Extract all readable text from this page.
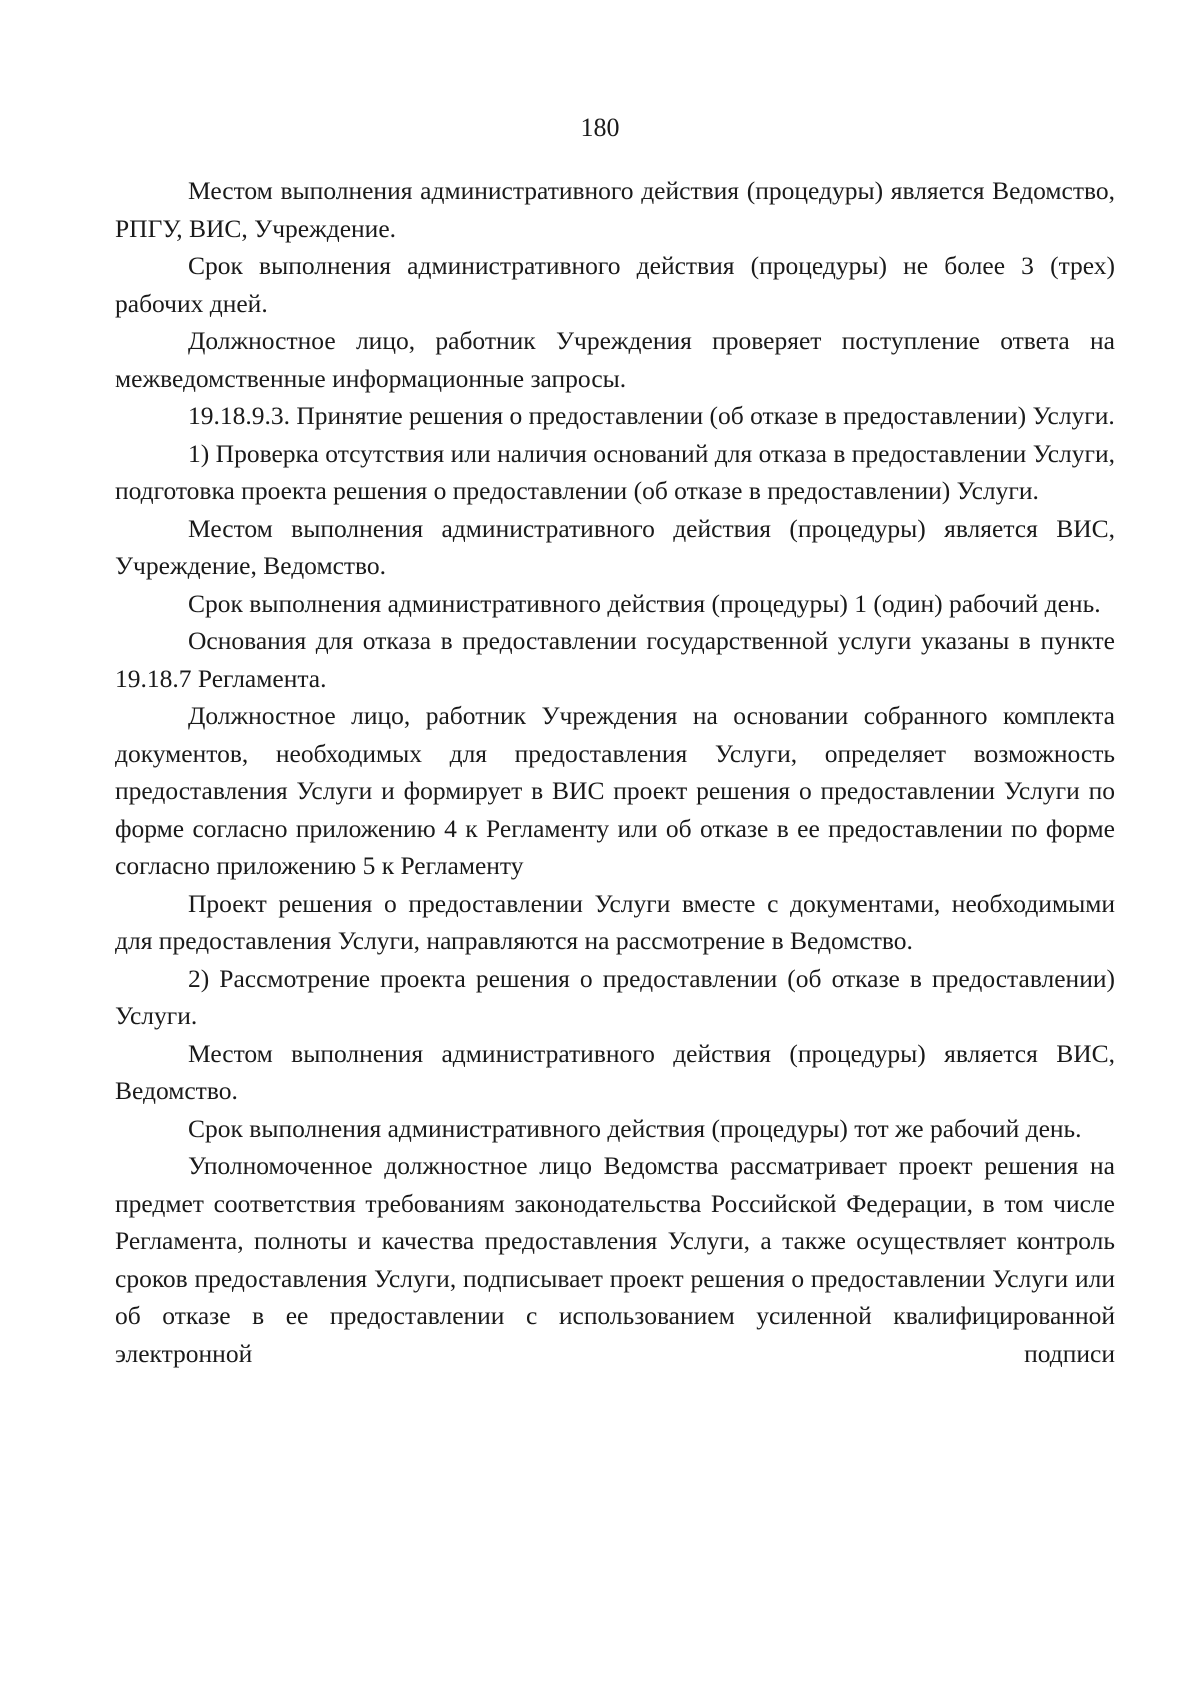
180

Местом выполнения административного действия (процедуры) является Ведомство, РПГУ, ВИС, Учреждение.

Срок выполнения административного действия (процедуры) не более 3 (трех) рабочих дней.

Должностное лицо, работник Учреждения проверяет поступление ответа на межведомственные информационные запросы.

19.18.9.3. Принятие решения о предоставлении (об отказе в предоставлении) Услуги.

1) Проверка отсутствия или наличия оснований для отказа в предоставлении Услуги, подготовка проекта решения о предоставлении (об отказе в предоставлении) Услуги.

Местом выполнения административного действия (процедуры) является ВИС, Учреждение, Ведомство.

Срок выполнения административного действия (процедуры) 1 (один) рабочий день.

Основания для отказа в предоставлении государственной услуги указаны в пункте 19.18.7 Регламента.

Должностное лицо, работник Учреждения на основании собранного комплекта документов, необходимых для предоставления Услуги, определяет возможность предоставления Услуги и формирует в ВИС проект решения о предоставлении Услуги по форме согласно приложению 4 к Регламенту или об отказе в ее предоставлении по форме согласно приложению 5 к Регламенту

Проект решения о предоставлении Услуги вместе с документами, необходимыми для предоставления Услуги, направляются на рассмотрение в Ведомство.

2) Рассмотрение проекта решения о предоставлении (об отказе в предоставлении) Услуги.

Местом выполнения административного действия (процедуры) является ВИС, Ведомство.

Срок выполнения административного действия (процедуры) тот же рабочий день.

Уполномоченное должностное лицо Ведомства рассматривает проект решения на предмет соответствия требованиям законодательства Российской Федерации, в том числе Регламента, полноты и качества предоставления Услуги, а также осуществляет контроль сроков предоставления Услуги, подписывает проект решения о предоставлении Услуги или об отказе в ее предоставлении с использованием усиленной квалифицированной электронной подписи
